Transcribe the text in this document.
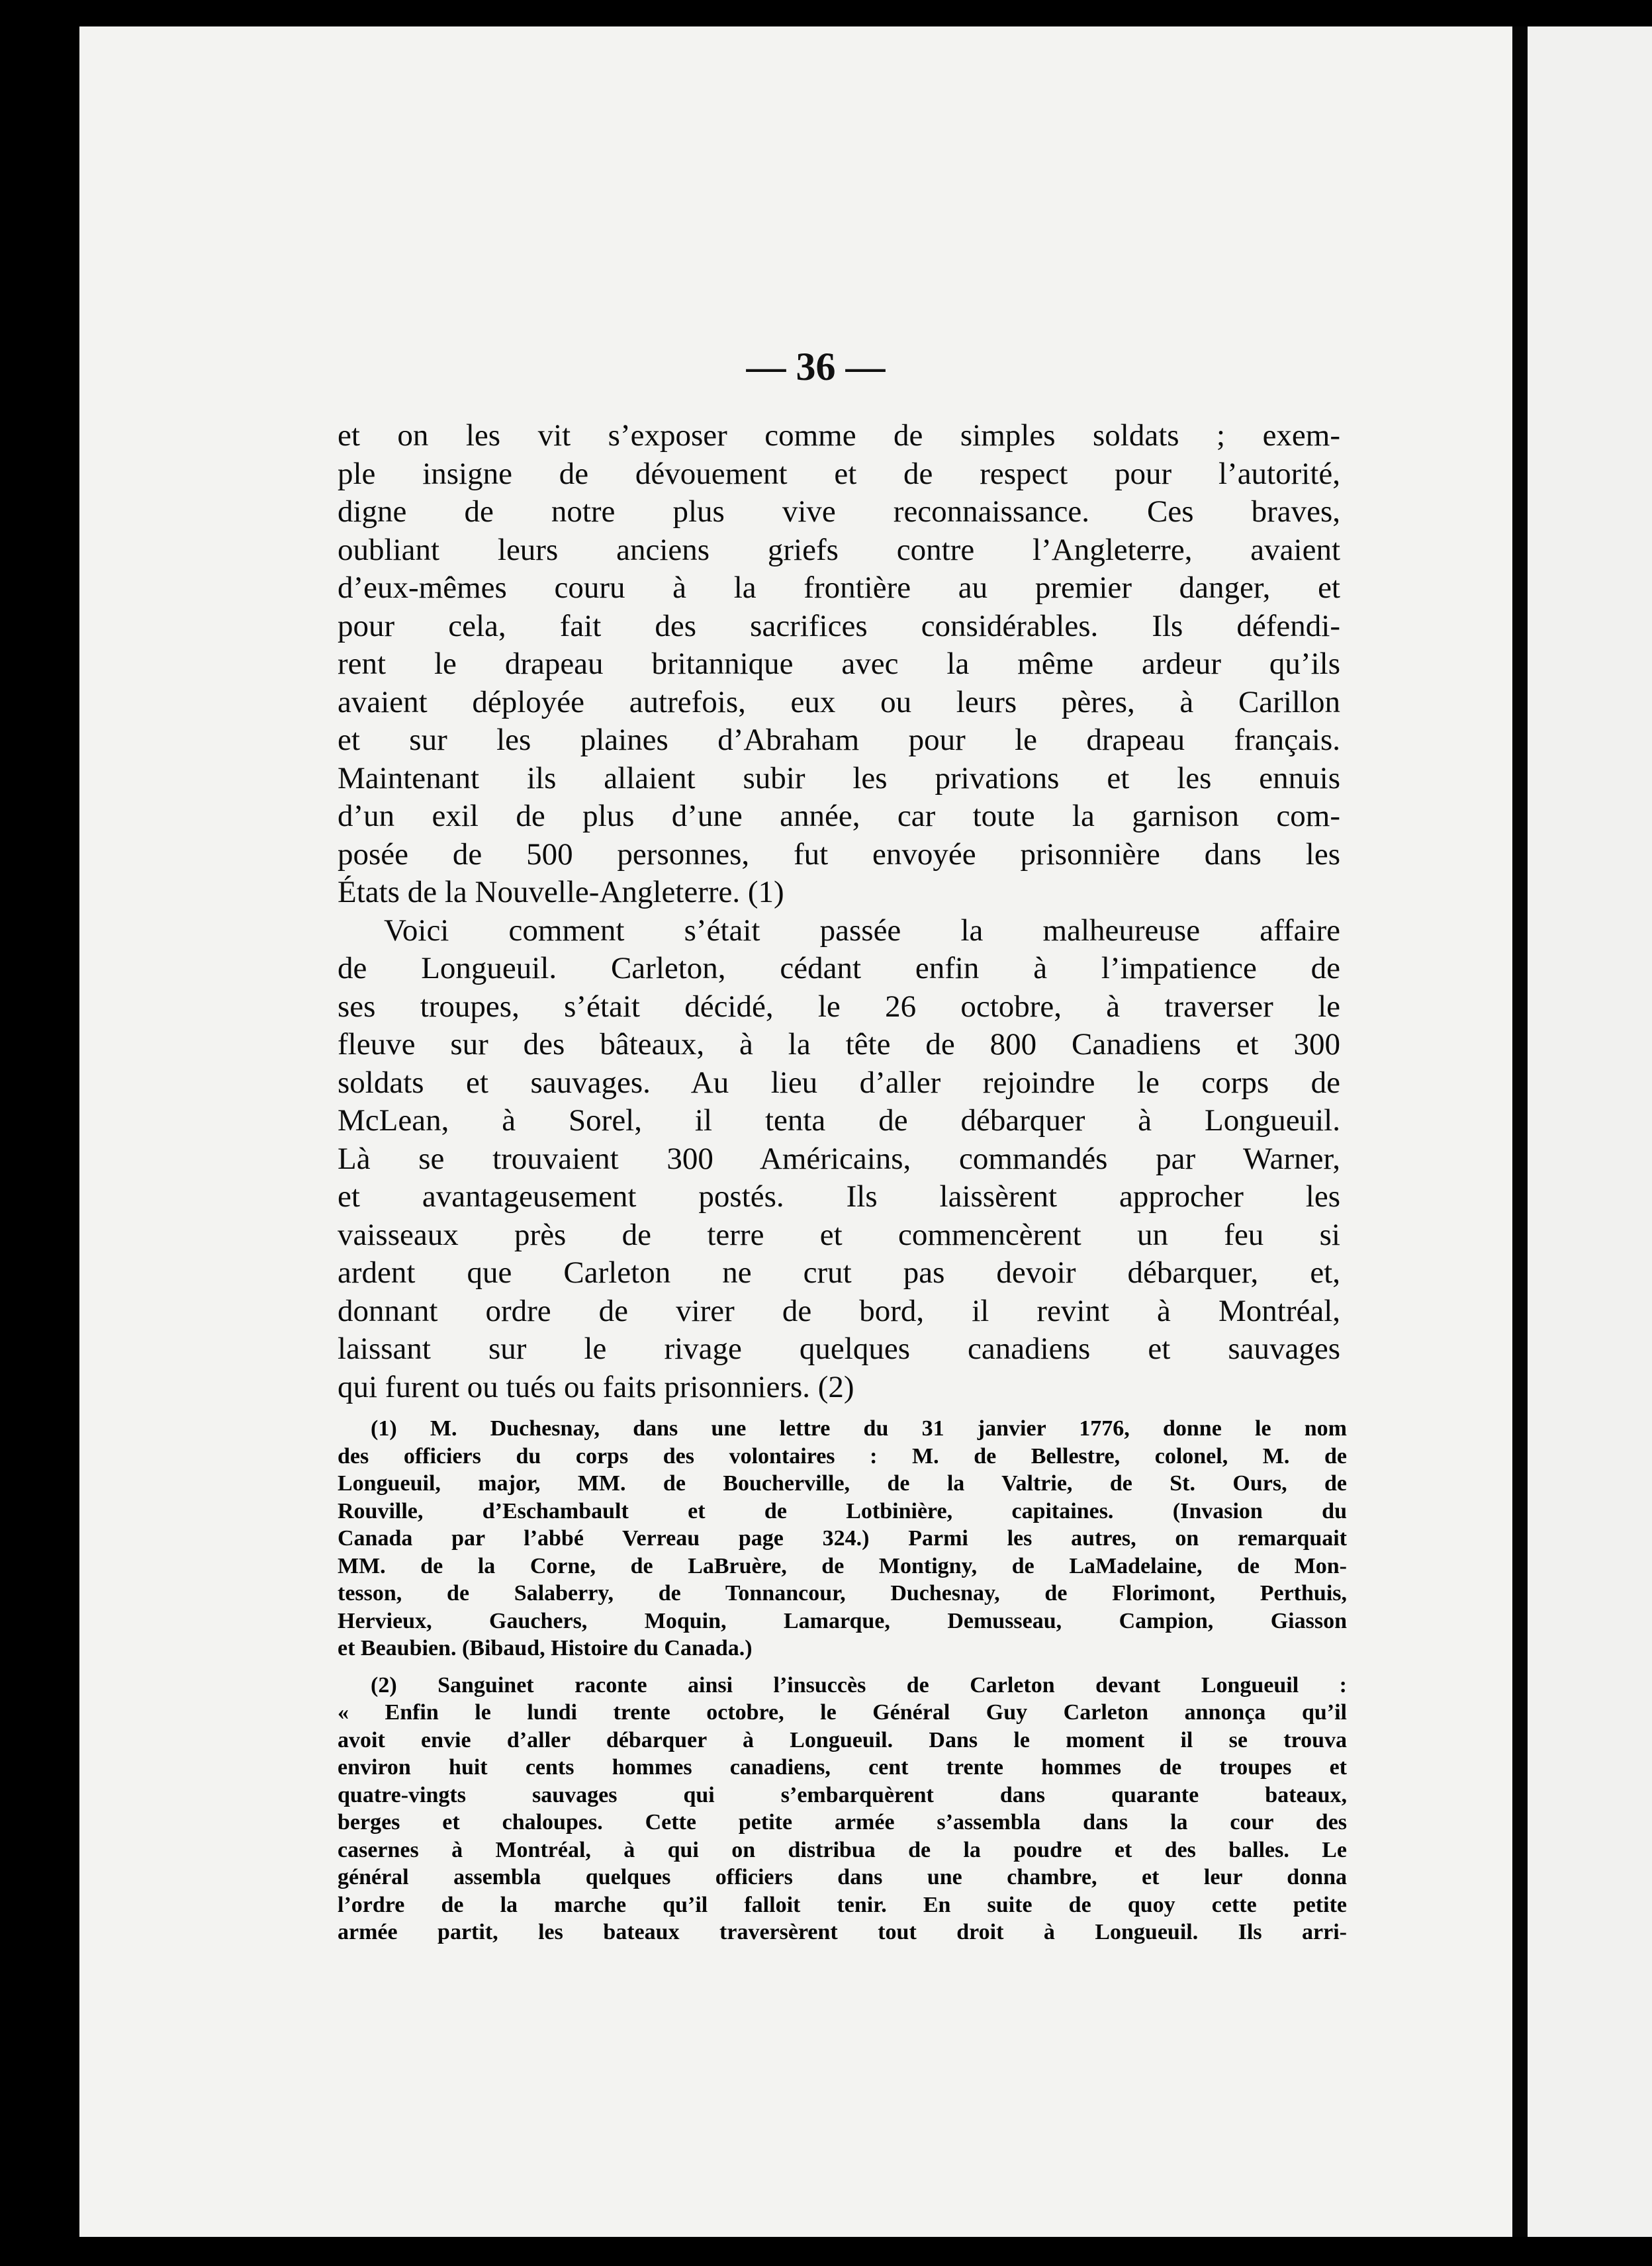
— 36 —
et on les vit s’exposer comme de simples soldats ; exem-
ple insigne de dévouement et de respect pour l’autorité,
digne de notre plus vive reconnaissance. Ces braves,
oubliant leurs anciens griefs contre l’Angleterre, avaient
d’eux-mêmes couru à la frontière au premier danger, et
pour cela, fait des sacrifices considérables. Ils défendi-
rent le drapeau britannique avec la même ardeur qu’ils
avaient déployée autrefois, eux ou leurs pères, à Carillon
et sur les plaines d’Abraham pour le drapeau français.
Maintenant ils allaient subir les privations et les ennuis
d’un exil de plus d’une année, car toute la garnison com-
posée de 500 personnes, fut envoyée prisonnière dans les
États de la Nouvelle-Angleterre. (1)
Voici comment s’était passée la malheureuse affaire
de Longueuil. Carleton, cédant enfin à l’impatience de
ses troupes, s’était décidé, le 26 octobre, à traverser le
fleuve sur des bâteaux, à la tête de 800 Canadiens et 300
soldats et sauvages. Au lieu d’aller rejoindre le corps de
McLean, à Sorel, il tenta de débarquer à Longueuil.
Là se trouvaient 300 Américains, commandés par Warner,
et avantageusement postés. Ils laissèrent approcher les
vaisseaux près de terre et commencèrent un feu si
ardent que Carleton ne crut pas devoir débarquer, et,
donnant ordre de virer de bord, il revint à Montréal,
laissant sur le rivage quelques canadiens et sauvages
qui furent ou tués ou faits prisonniers. (2)
(1) M. Duchesnay, dans une lettre du 31 janvier 1776, donne le nom
des officiers du corps des volontaires : M. de Bellestre, colonel, M. de
Longueuil, major, MM. de Boucherville, de la Valtrie, de St. Ours, de
Rouville, d’Eschambault et de Lotbinière, capitaines. (Invasion du
Canada par l’abbé Verreau page 324.) Parmi les autres, on remarquait
MM. de la Corne, de LaBruère, de Montigny, de LaMadelaine, de Mon-
tesson, de Salaberry, de Tonnancour, Duchesnay, de Florimont, Perthuis,
Hervieux, Gauchers, Moquin, Lamarque, Demusseau, Campion, Giasson
et Beaubien. (Bibaud, Histoire du Canada.)
(2) Sanguinet raconte ainsi l’insuccès de Carleton devant Longueuil :
« Enfin le lundi trente octobre, le Général Guy Carleton annonça qu’il
avoit envie d’aller débarquer à Longueuil. Dans le moment il se trouva
environ huit cents hommes canadiens, cent trente hommes de troupes et
quatre-vingts sauvages qui s’embarquèrent dans quarante bateaux,
berges et chaloupes. Cette petite armée s’assembla dans la cour des
casernes à Montréal, à qui on distribua de la poudre et des balles. Le
général assembla quelques officiers dans une chambre, et leur donna
l’ordre de la marche qu’il falloit tenir. En suite de quoy cette petite
armée partit, les bateaux traversèrent tout droit à Longueuil. Ils arri-
